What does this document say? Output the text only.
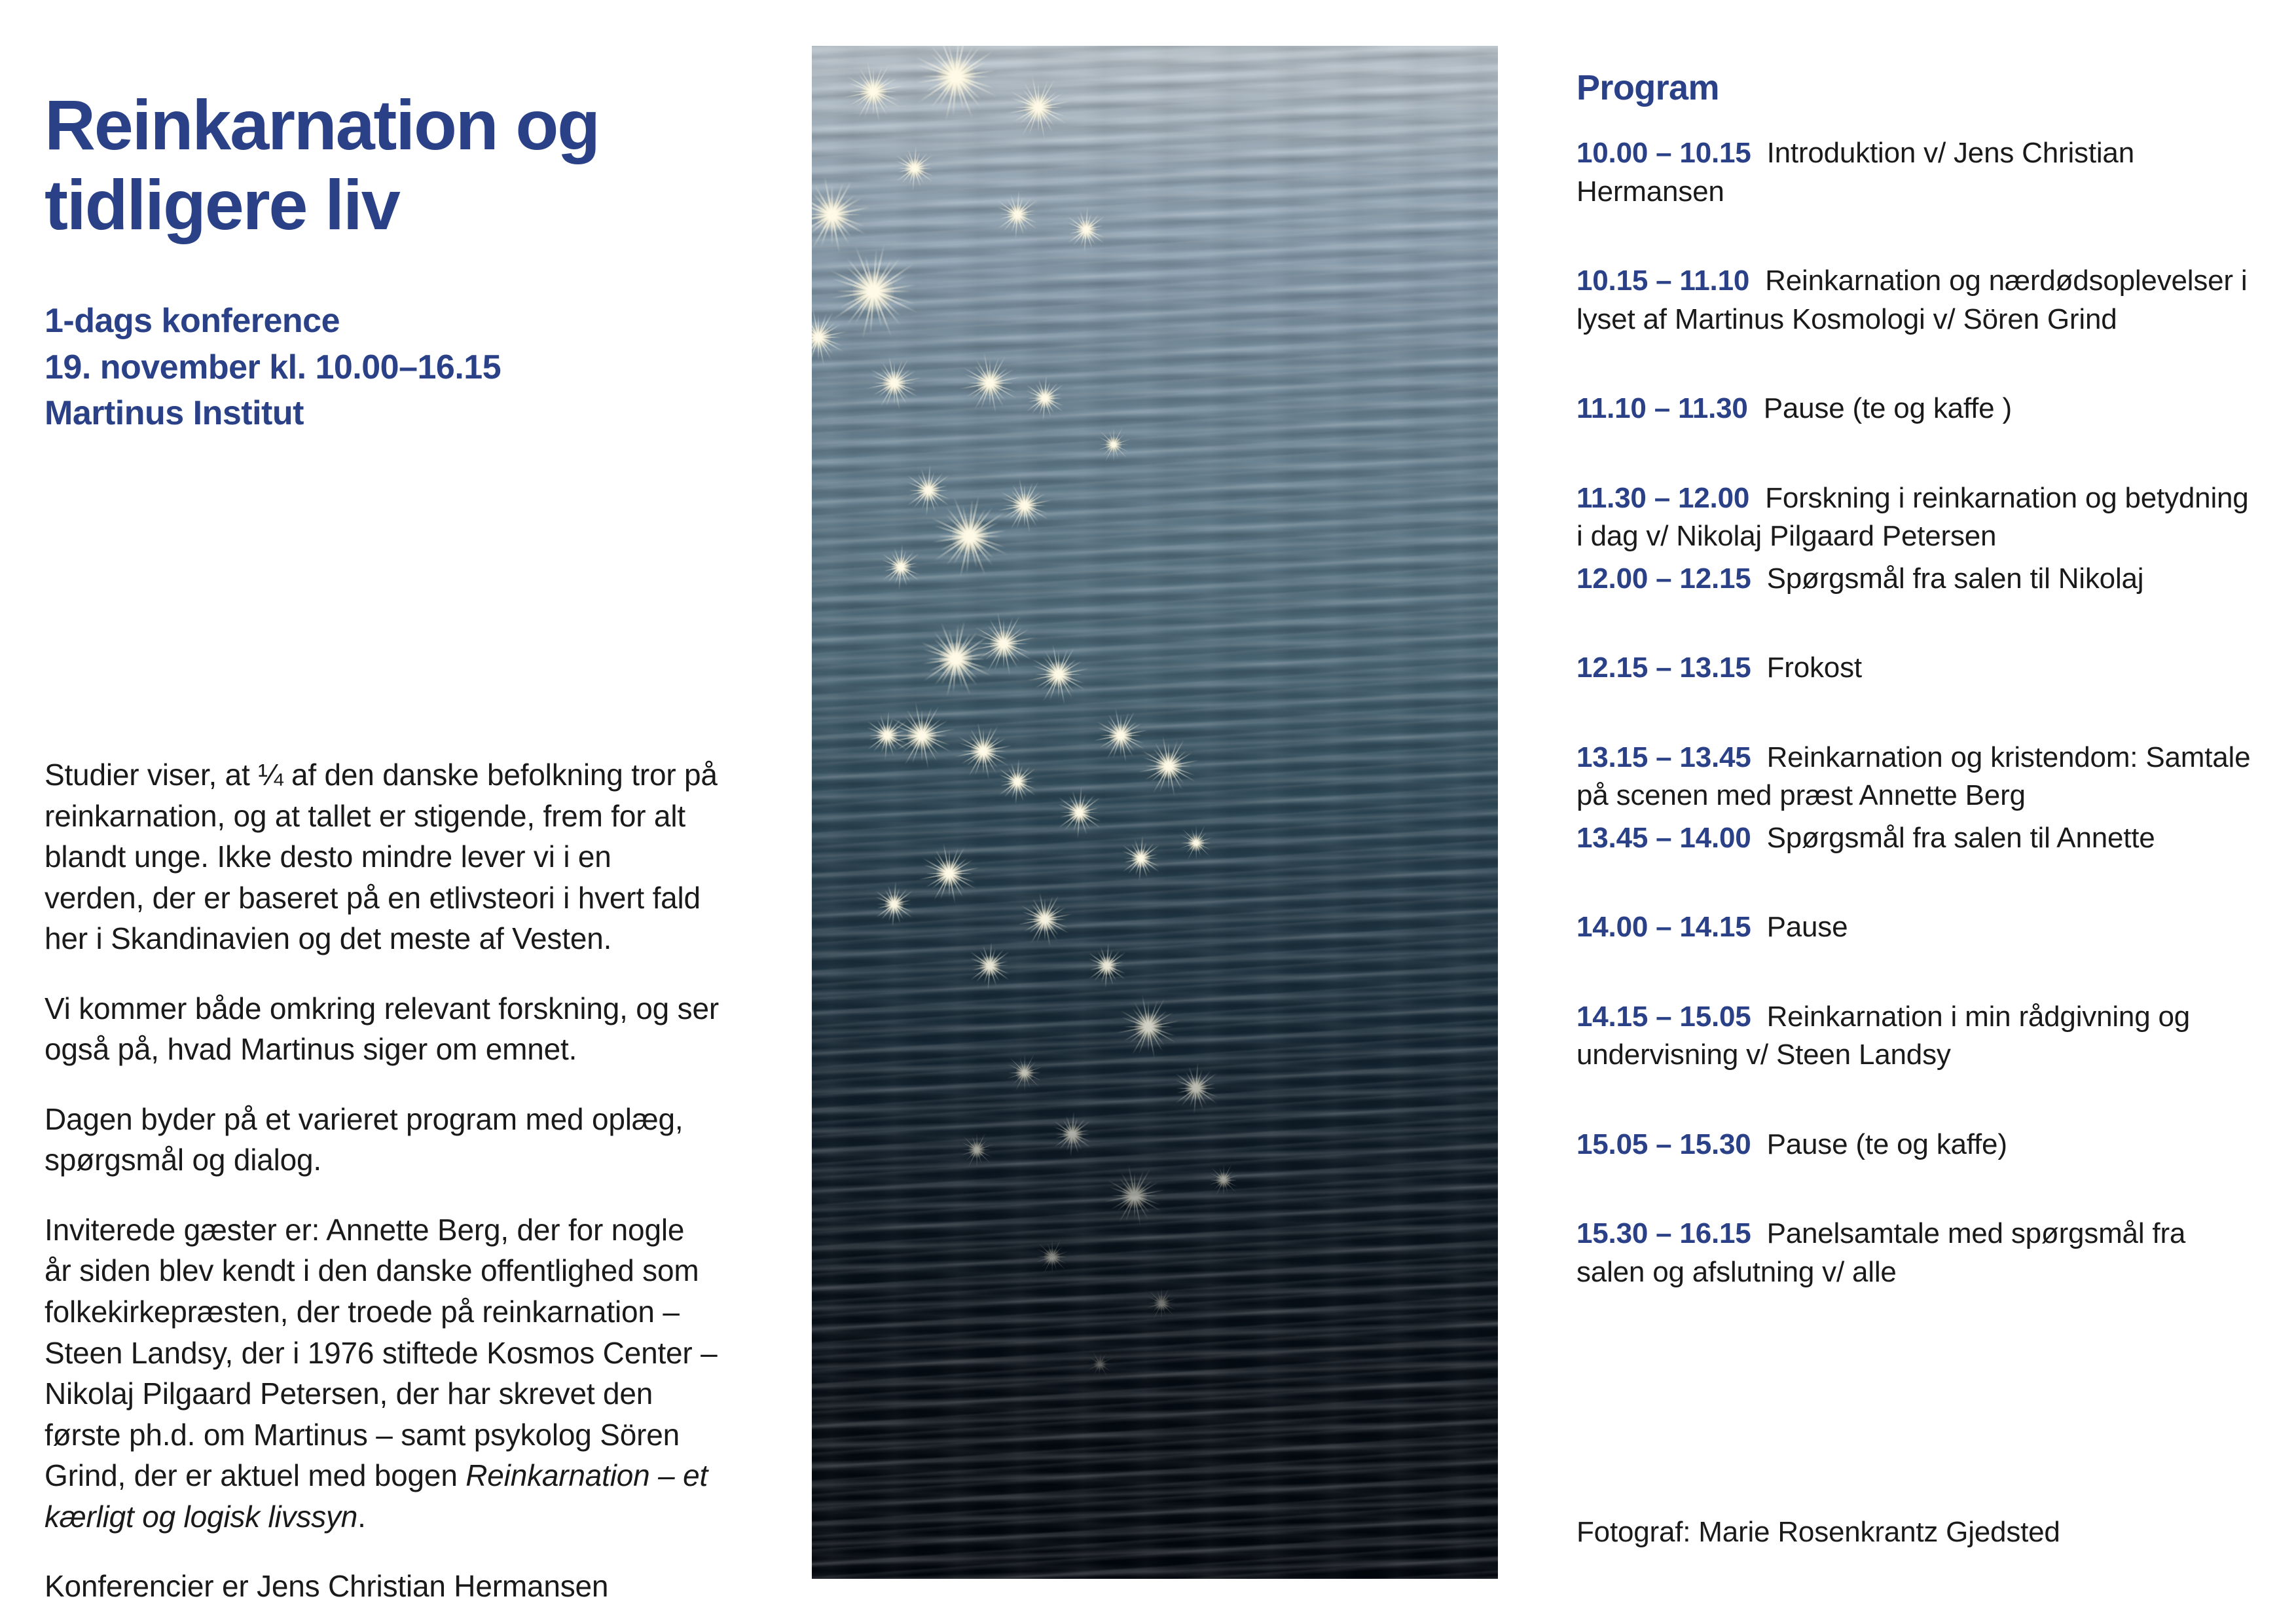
Reinkarnation og
tidligere liv
1-dags konference
19. november kl. 10.00–16.15
Martinus Institut

Studier viser, at ¼ af den danske befolkning tror på reinkarnation, og at tallet er stigende, frem for alt blandt unge. Ikke desto mindre lever vi i en verden, der er baseret på en etlivsteori i hvert fald her i Skandinavien og det meste af Vesten.

Vi kommer både omkring relevant forskning, og ser også på, hvad Martinus siger om emnet.

Dagen byder på et varieret program med oplæg, spørgsmål og dialog.

Inviterede gæster er: Annette Berg, der for nogle år siden blev kendt i den danske offentlighed som folkekirkepræsten, der troede på reinkarnation – Steen Landsy, der i 1976 stiftede Kosmos Center – Nikolaj Pilgaard Petersen, der har skrevet den første ph.d. om Martinus – samt psykolog Sören Grind, der er aktuel med bogen Reinkarnation – et kærligt og logisk livssyn.

Konferencier er Jens Christian Hermansen

Program

10.00 – 10.15  Introduktion v/ Jens Christian Hermansen

10.15 – 11.10  Reinkarnation og nærdødsoplevelser i lyset af Martinus Kosmologi v/ Sören Grind

11.10 – 11.30  Pause (te og kaffe )

11.30 – 12.00  Forskning i reinkarnation og betydning i dag v/ Nikolaj Pilgaard Petersen

12.00 – 12.15  Spørgsmål fra salen til Nikolaj

12.15 – 13.15  Frokost

13.15 – 13.45  Reinkarnation og kristendom: Samtale på scenen med præst Annette Berg

13.45 – 14.00  Spørgsmål fra salen til Annette

14.00 – 14.15  Pause

14.15 – 15.05  Reinkarnation i min rådgivning og undervisning v/ Steen Landsy

15.05 – 15.30  Pause (te og kaffe)

15.30 – 16.15  Panelsamtale med spørgsmål fra salen og afslutning v/ alle

Fotograf: Marie Rosenkrantz Gjedsted
